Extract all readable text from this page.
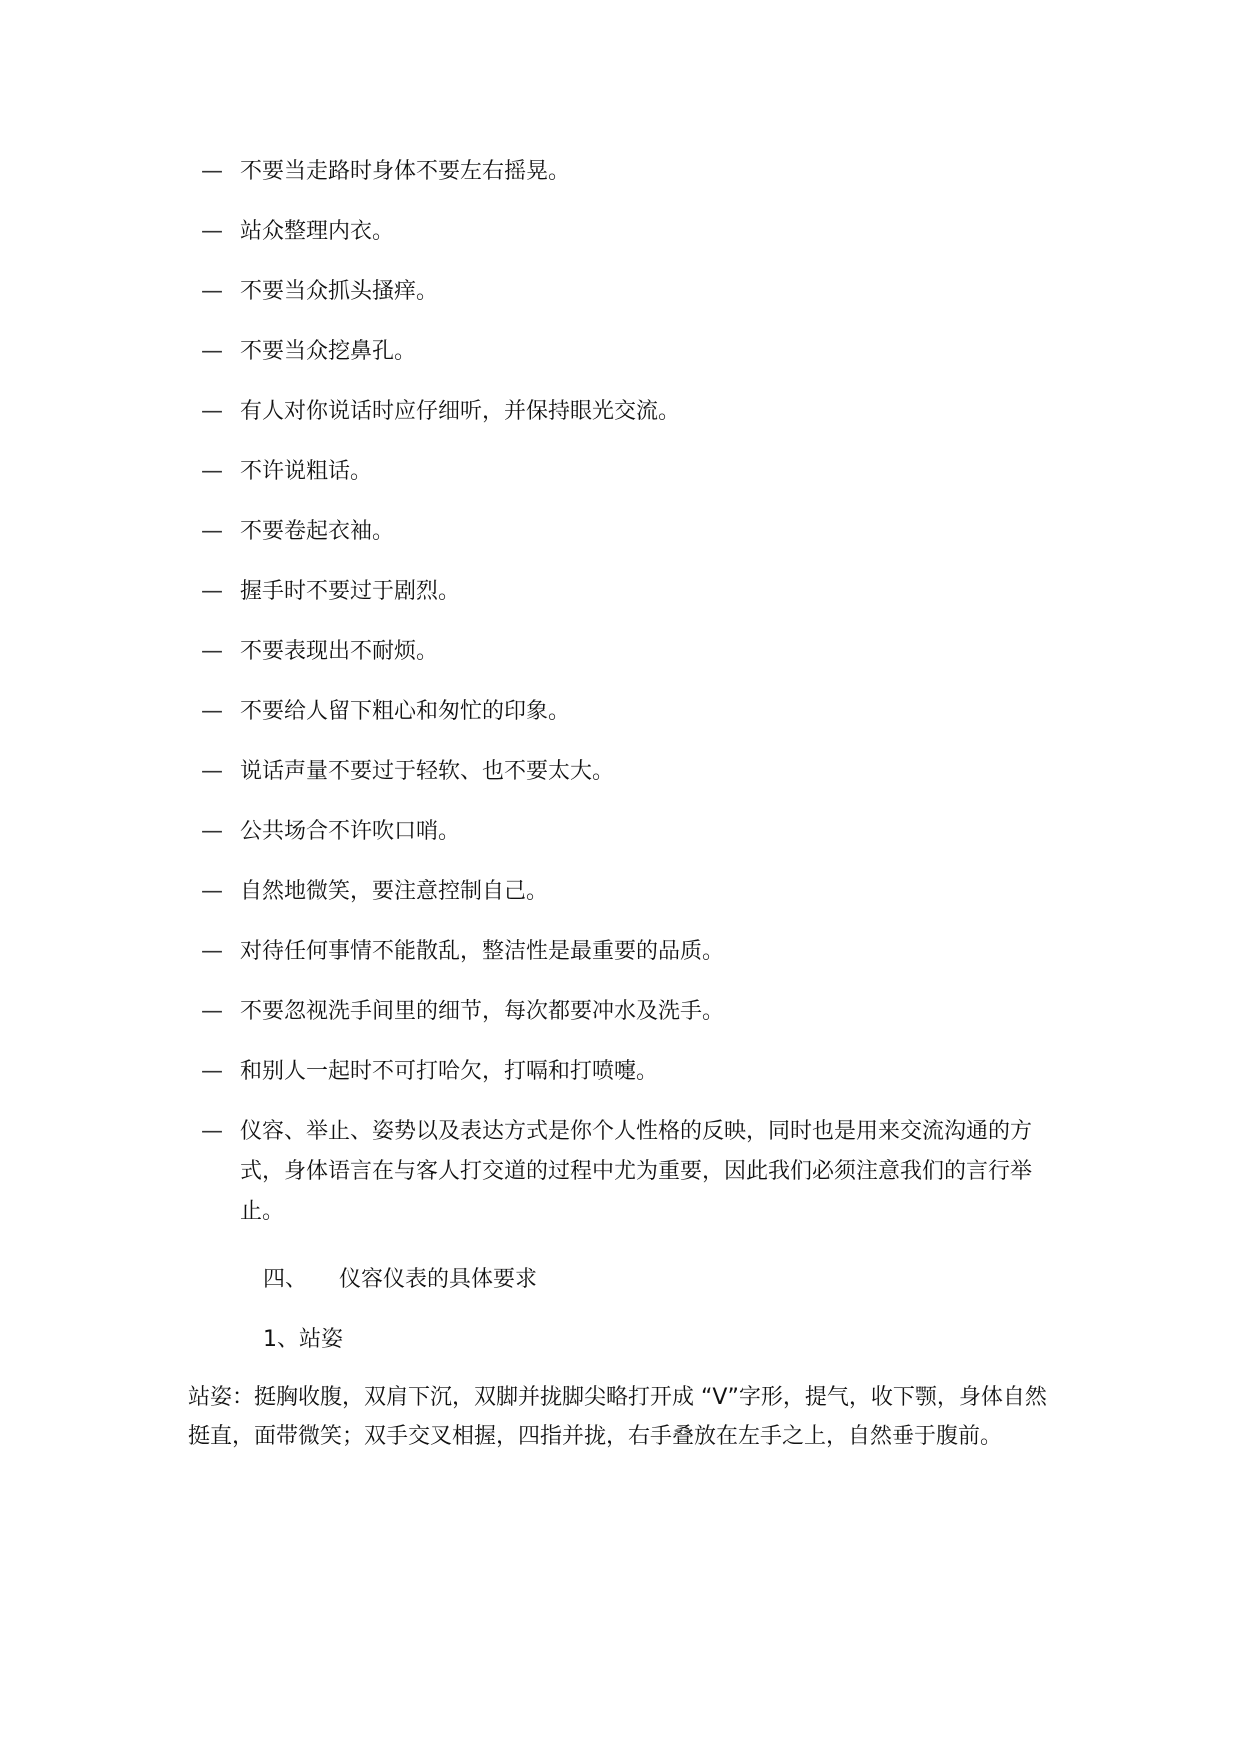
— 不要当走路时身体不要左右摇晃。
— 站众整理内衣。
— 不要当众抓头搔痒。
— 不要当众挖鼻孔。
— 有人对你说话时应仔细听，并保持眼光交流。
— 不许说粗话。
— 不要卷起衣袖。
— 握手时不要过于剧烈。
— 不要表现出不耐烦。
— 不要给人留下粗心和匆忙的印象。
— 说话声量不要过于轻软、也不要太大。
— 公共场合不许吹口哨。
— 自然地微笑，要注意控制自己。
— 对待任何事情不能散乱，整洁性是最重要的品质。
— 不要忽视洗手间里的细节，每次都要冲水及洗手。
— 和别人一起时不可打哈欠，打嗝和打喷嚏。
— 仪容、举止、姿势以及表达方式是你个人性格的反映，同时也是用来交流沟通的方式，身体语言在与客人打交道的过程中尤为重要，因此我们必须注意我们的言行举止。
四、 仪容仪表的具体要求
1、站姿

站姿：挺胸收腹，双肩下沉，双脚并拢脚尖略打开成 “V”字形，提气，收下颚，身体自然挺直，面带微笑；双手交叉相握，四指并拢，右手叠放在左手之上，自然垂于腹前。
